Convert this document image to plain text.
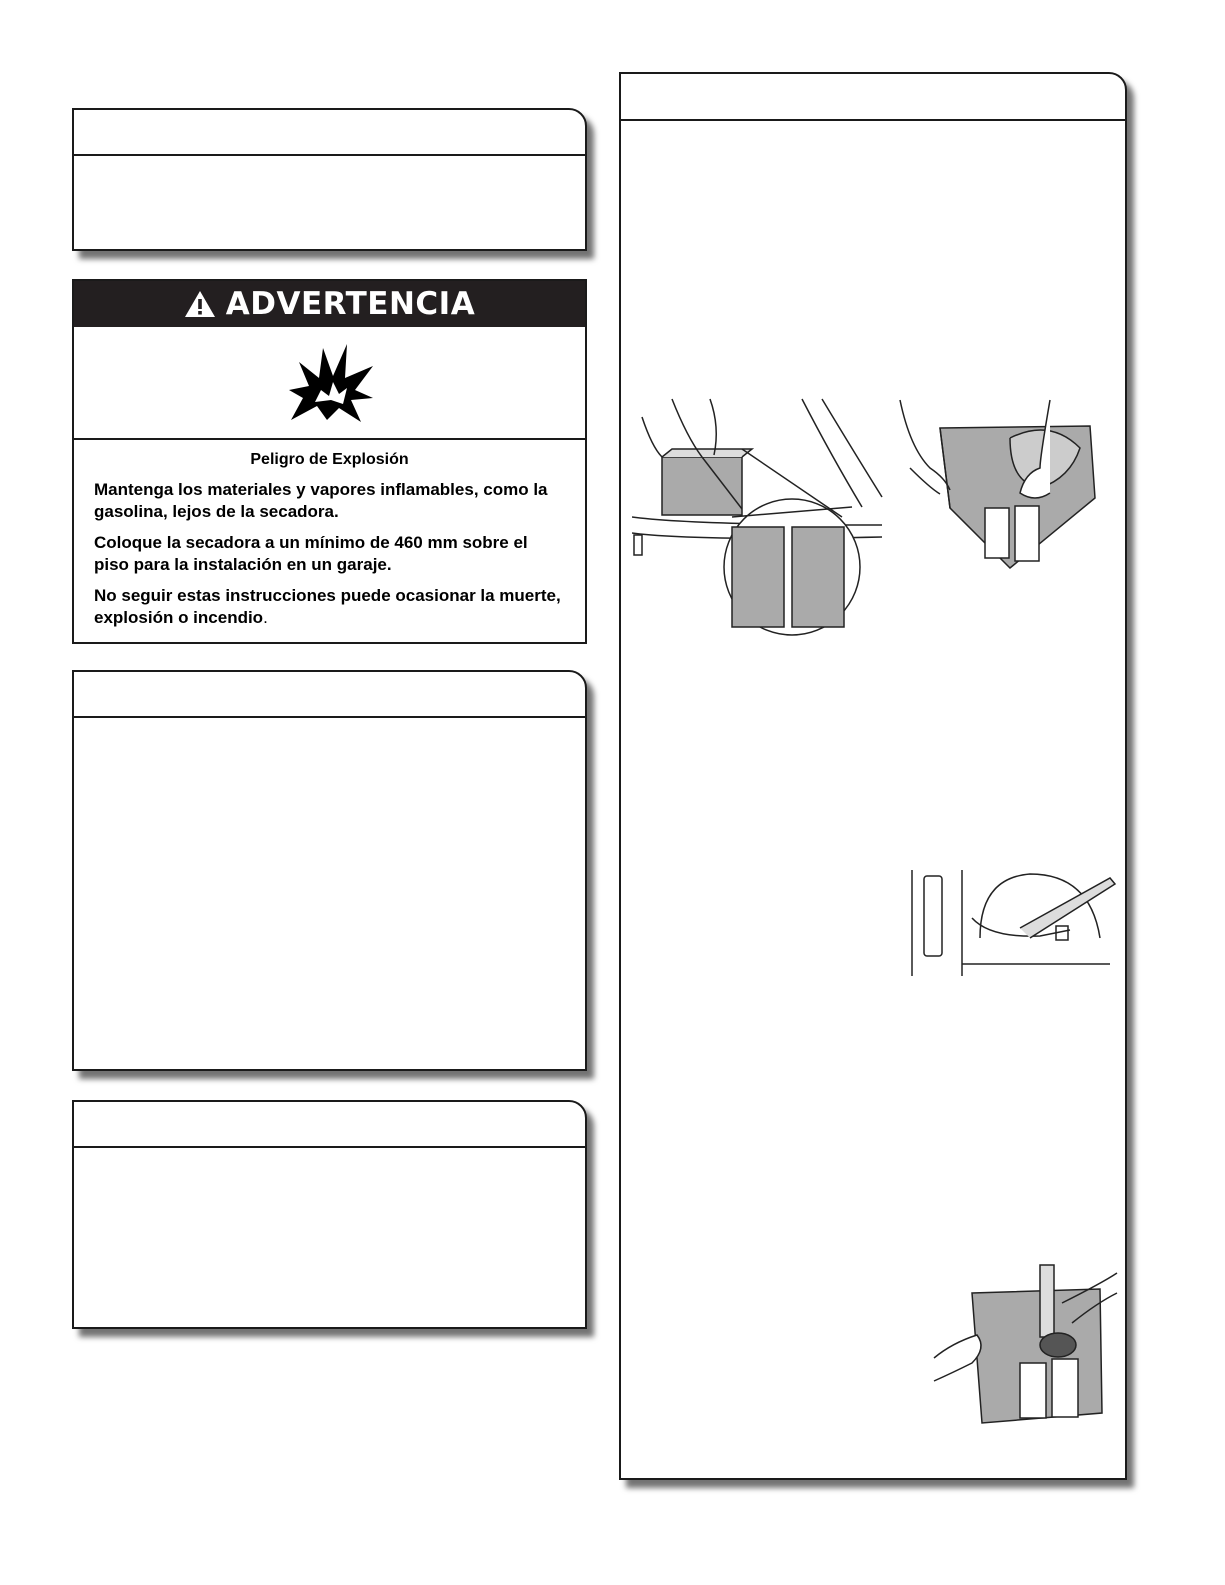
ADVERTENCIA
Peligro de Explosión

Mantenga los materiales y vapores inflamables, como la gasolina, lejos de la secadora.

Coloque la secadora a un mínimo de 460 mm sobre el piso para la instalación en un garaje.

No seguir estas instrucciones puede ocasionar la muerte, explosión o incendio.
